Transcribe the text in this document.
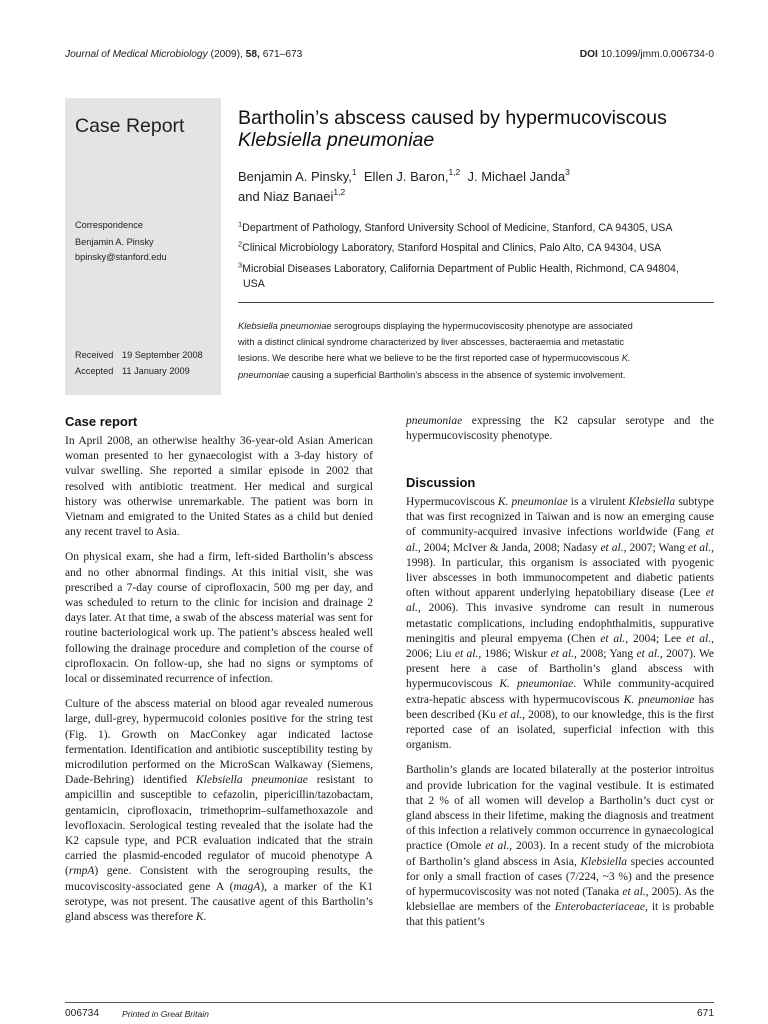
Journal of Medical Microbiology (2009), 58, 671–673	DOI 10.1099/jmm.0.006734-0
Case Report
Correspondence
Benjamin A. Pinsky
bpinsky@stanford.edu
Received 19 September 2008
Accepted 11 January 2009
Bartholin’s abscess caused by hypermucoviscous
Klebsiella pneumoniae
Benjamin A. Pinsky,$^1$ Ellen J. Baron,$^{1,2}$ J. Michael Janda$^3$
and Niaz Banaei$^{1,2}$
$^1$Department of Pathology, Stanford University School of Medicine, Stanford, CA 94305, USA
$^2$Clinical Microbiology Laboratory, Stanford Hospital and Clinics, Palo Alto, CA 94304, USA
$^3$Microbial Diseases Laboratory, California Department of Public Health, Richmond, CA 94804,
USA
Klebsiella pneumoniae serogroups displaying the hypermucoviscosity phenotype are associated
with a distinct clinical syndrome characterized by liver abscesses, bacteraemia and metastatic
lesions. We describe here what we believe to be the first reported case of hypermucoviscous K.
pneumoniae causing a superficial Bartholin’s abscess in the absence of systemic involvement.
Case report

In April 2008, an otherwise healthy 36-year-old Asian American woman presented to her gynaecologist with a 3-day history of vulvar swelling. She reported a similar episode in 2002 that resolved with antibiotic treatment. Her medical and surgical history was otherwise unremarkable. The patient was born in Vietnam and emigrated to the United States as a child but denied any recent travel to Asia.

On physical exam, she had a firm, left-sided Bartholin’s abscess and no other abnormal findings. At this initial visit, she was prescribed a 7-day course of ciprofloxacin, 500 mg per day, and was scheduled to return to the clinic for incision and drainage 2 days later. At that time, a swab of the abscess material was sent for routine bacteriological work up. The patient’s abscess healed well following the drainage procedure and completion of the course of ciprofloxacin. On follow-up, she had no signs or symptoms of local or disseminated recurrence of infection.

Culture of the abscess material on blood agar revealed numerous large, dull-grey, hypermucoid colonies positive for the string test (Fig. 1). Growth on MacConkey agar indicated lactose fermentation. Identification and antibiotic susceptibility testing by microdilution performed on the MicroScan Walkaway (Siemens, Dade-Behring) identified Klebsiella pneumoniae resistant to ampicillin and susceptible to cefazolin, pipericillin/tazobactam, gentamicin, ciprofloxacin, trimethoprim–sulfamethoxazole and levofloxacin. Serological testing revealed that the isolate had the K2 capsule type, and PCR evaluation indicated that the strain carried the plasmid-encoded regulator of mucoid phenotype A (rmpA) gene. Consistent with the serogrouping results, the mucoviscosity-associated gene A (magA), a marker of the K1 serotype, was not present. The causative agent of this Bartholin’s gland abscess was therefore K.

pneumoniae expressing the K2 capsular serotype and the hypermucoviscosity phenotype.

Discussion

Hypermucoviscous K. pneumoniae is a virulent Klebsiella subtype that was first recognized in Taiwan and is now an emerging cause of community-acquired invasive infections worldwide (Fang et al., 2004; McIver & Janda, 2008; Nadasy et al., 2007; Wang et al., 1998). In particular, this organism is associated with pyogenic liver abscesses in both immunocompetent and diabetic patients often without apparent underlying hepatobiliary disease (Lee et al., 2006). This invasive syndrome can result in numerous metastatic complications, including endophthalmitis, suppurative meningitis and pleural empyema (Chen et al., 2004; Lee et al., 2006; Liu et al., 1986; Wiskur et al., 2008; Yang et al., 2007). We present here a case of Bartholin’s gland abscess with hypermucoviscous K. pneumoniae. While community-acquired extra-hepatic abscess with hypermucoviscous K. pneumoniae has been described (Ku et al., 2008), to our knowledge, this is the first reported case of an isolated, superficial infection with this organism.

Bartholin’s glands are located bilaterally at the posterior introitus and provide lubrication for the vaginal vestibule. It is estimated that 2 % of all women will develop a Bartholin’s duct cyst or gland abscess in their lifetime, making the diagnosis and treatment of this infection a relatively common occurrence in gynaecological practice (Omole et al., 2003). In a recent study of the microbiota of Bartholin’s gland abscess in Asia, Klebsiella species accounted for only a small fraction of cases (7/224, ~3 %) and the presence of hypermucoviscosity was not noted (Tanaka et al., 2005). As the klebsiellae are members of the Enterobacteriaceae, it is probable that this patient’s

006734	Printed in Great Britain	671
